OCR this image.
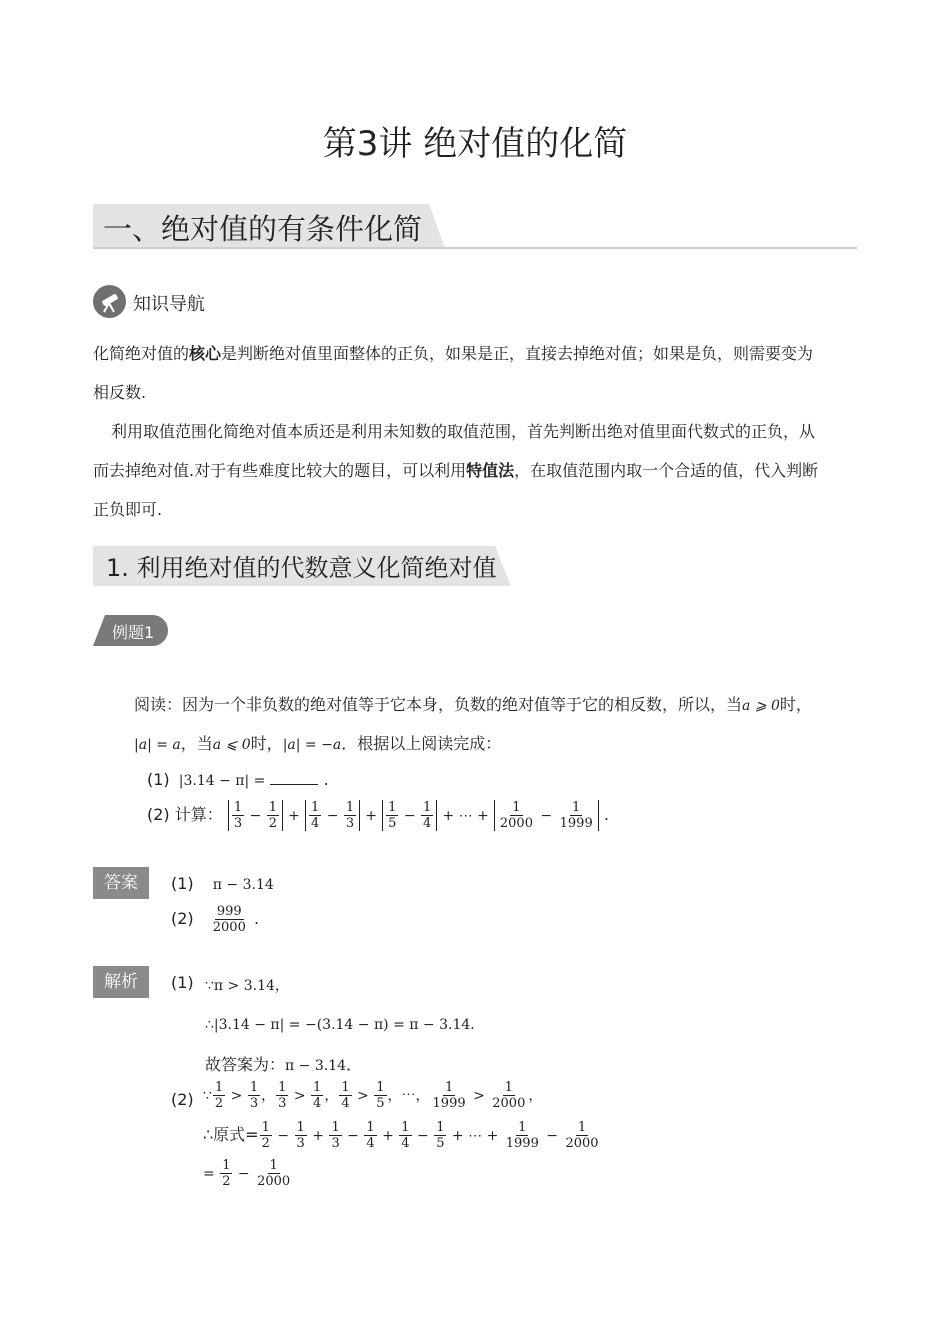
第3讲 绝对值的化简
一、绝对值的有条件化简
知识导航
化简绝对值的核心是判断绝对值里面整体的正负，如果是正，直接去掉绝对值；如果是负，则需要变为
相反数.
利用取值范围化简绝对值本质还是利用未知数的取值范围，首先判断出绝对值里面代数式的正负，从
而去掉绝对值.对于有些难度比较大的题目，可以利用特值法，在取值范围内取一个合适的值，代入判断
正负即可.
1. 利用绝对值的代数意义化简绝对值
例题1
阅读：因为一个非负数的绝对值等于它本身，负数的绝对值等于它的相反数，所以，当a ⩾ 0时，
|a| = a，当a ⩽ 0时，|a| = −a．根据以上阅读完成：
(1) |3.14 − π| =	.
(2) 计算： $\frac{1}{3} - \frac{1}{2} + \frac{1}{4} - \frac{1}{3} + \frac{1}{5} - \frac{1}{4}$ + ⋯ + $\frac{1}{2000} - \frac{1}{1999}$ .
答案	(1) π − 3.14
$(2) \frac{999}{2000}$ .
解析	(1) ∵π > 3.14，
∴|3.14 − π| = −(3.14 − π) = π − 3.14．
故答案为：π − 3.14．
(2) ∵ $\frac{1}{2} > \frac{1}{3}$ ， $\frac{1}{3} > \frac{1}{4}$ ， $\frac{1}{4} > \frac{1}{5}$ ，⋯， $\frac{1}{1999} > \frac{1}{2000}$ ，
∴原式= $\frac{1}{2} - \frac{1}{3} + \frac{1}{3} - \frac{1}{4} + \frac{1}{4} - \frac{1}{5}$ + ⋯ + $\frac{1}{1999} - \frac{1}{2000}$
= $\frac{1}{2} - \frac{1}{2000}$
